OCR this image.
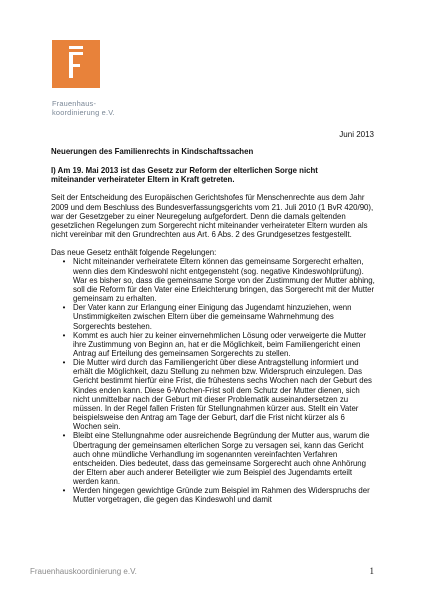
Frauenhaus-
koordinierung e.V.
Juni 2013

Neuerungen des Familienrechts in Kindschaftssachen

I) Am 19. Mai 2013 ist das Gesetz zur Reform der elterlichen Sorge nicht
miteinander verheirateter Eltern in Kraft getreten.

Seit der Entscheidung des Europäischen Gerichtshofes für Menschenrechte aus dem Jahr 2009 und dem Beschluss des Bundesverfassungsgerichts vom 21. Juli 2010 (1 BvR 420/90), war der Gesetzgeber zu einer Neuregelung aufgefordert. Denn die damals geltenden gesetzlichen Regelungen zum Sorgerecht nicht miteinander verheirateter Eltern wurden als nicht vereinbar mit den Grundrechten aus Art. 6 Abs. 2 des Grundgesetzes festgestellt.

Das neue Gesetz enthält folgende Regelungen:

• Nicht miteinander verheiratete Eltern können das gemeinsame Sorgerecht erhalten, wenn dies dem Kindeswohl nicht entgegensteht (sog. negative Kindeswohlprüfung). War es bisher so, dass die gemeinsame Sorge von der Zustimmung der Mutter abhing, soll die Reform für den Vater eine Erleichterung bringen, das Sorgerecht mit der Mutter gemeinsam zu erhalten.
• Der Vater kann zur Erlangung einer Einigung das Jugendamt hinzuziehen, wenn Unstimmigkeiten zwischen Eltern über die gemeinsame Wahrnehmung des Sorgerechts bestehen.
• Kommt es auch hier zu keiner einvernehmlichen Lösung oder verweigerte die Mutter ihre Zustimmung von Beginn an, hat er die Möglichkeit, beim Familiengericht einen Antrag auf Erteilung des gemeinsamen Sorgerechts zu stellen.
• Die Mutter wird durch das Familiengericht über diese Antragstellung informiert und erhält die Möglichkeit, dazu Stellung zu nehmen bzw. Widerspruch einzulegen. Das Gericht bestimmt hierfür eine Frist, die frühestens sechs Wochen nach der Geburt des Kindes enden kann. Diese 6-Wochen-Frist soll dem Schutz der Mutter dienen, sich nicht unmittelbar nach der Geburt mit dieser Problematik auseinandersetzen zu müssen. In der Regel fallen Fristen für Stellungnahmen kürzer aus. Stellt ein Vater beispielsweise den Antrag am Tage der Geburt, darf die Frist nicht kürzer als 6 Wochen sein.
• Bleibt eine Stellungnahme oder ausreichende Begründung der Mutter aus, warum die Übertragung der gemeinsamen elterlichen Sorge zu versagen sei, kann das Gericht auch ohne mündliche Verhandlung im sogenannten vereinfachten Verfahren entscheiden. Dies bedeutet, dass das gemeinsame Sorgerecht auch ohne Anhörung der Eltern aber auch anderer Beteiligter wie zum Beispiel des Jugendamts erteilt werden kann.
• Werden hingegen gewichtige Gründe zum Beispiel im Rahmen des Widerspruchs der Mutter vorgetragen, die gegen das Kindeswohl und damit
Frauenhauskoordinierung e.V.	1
